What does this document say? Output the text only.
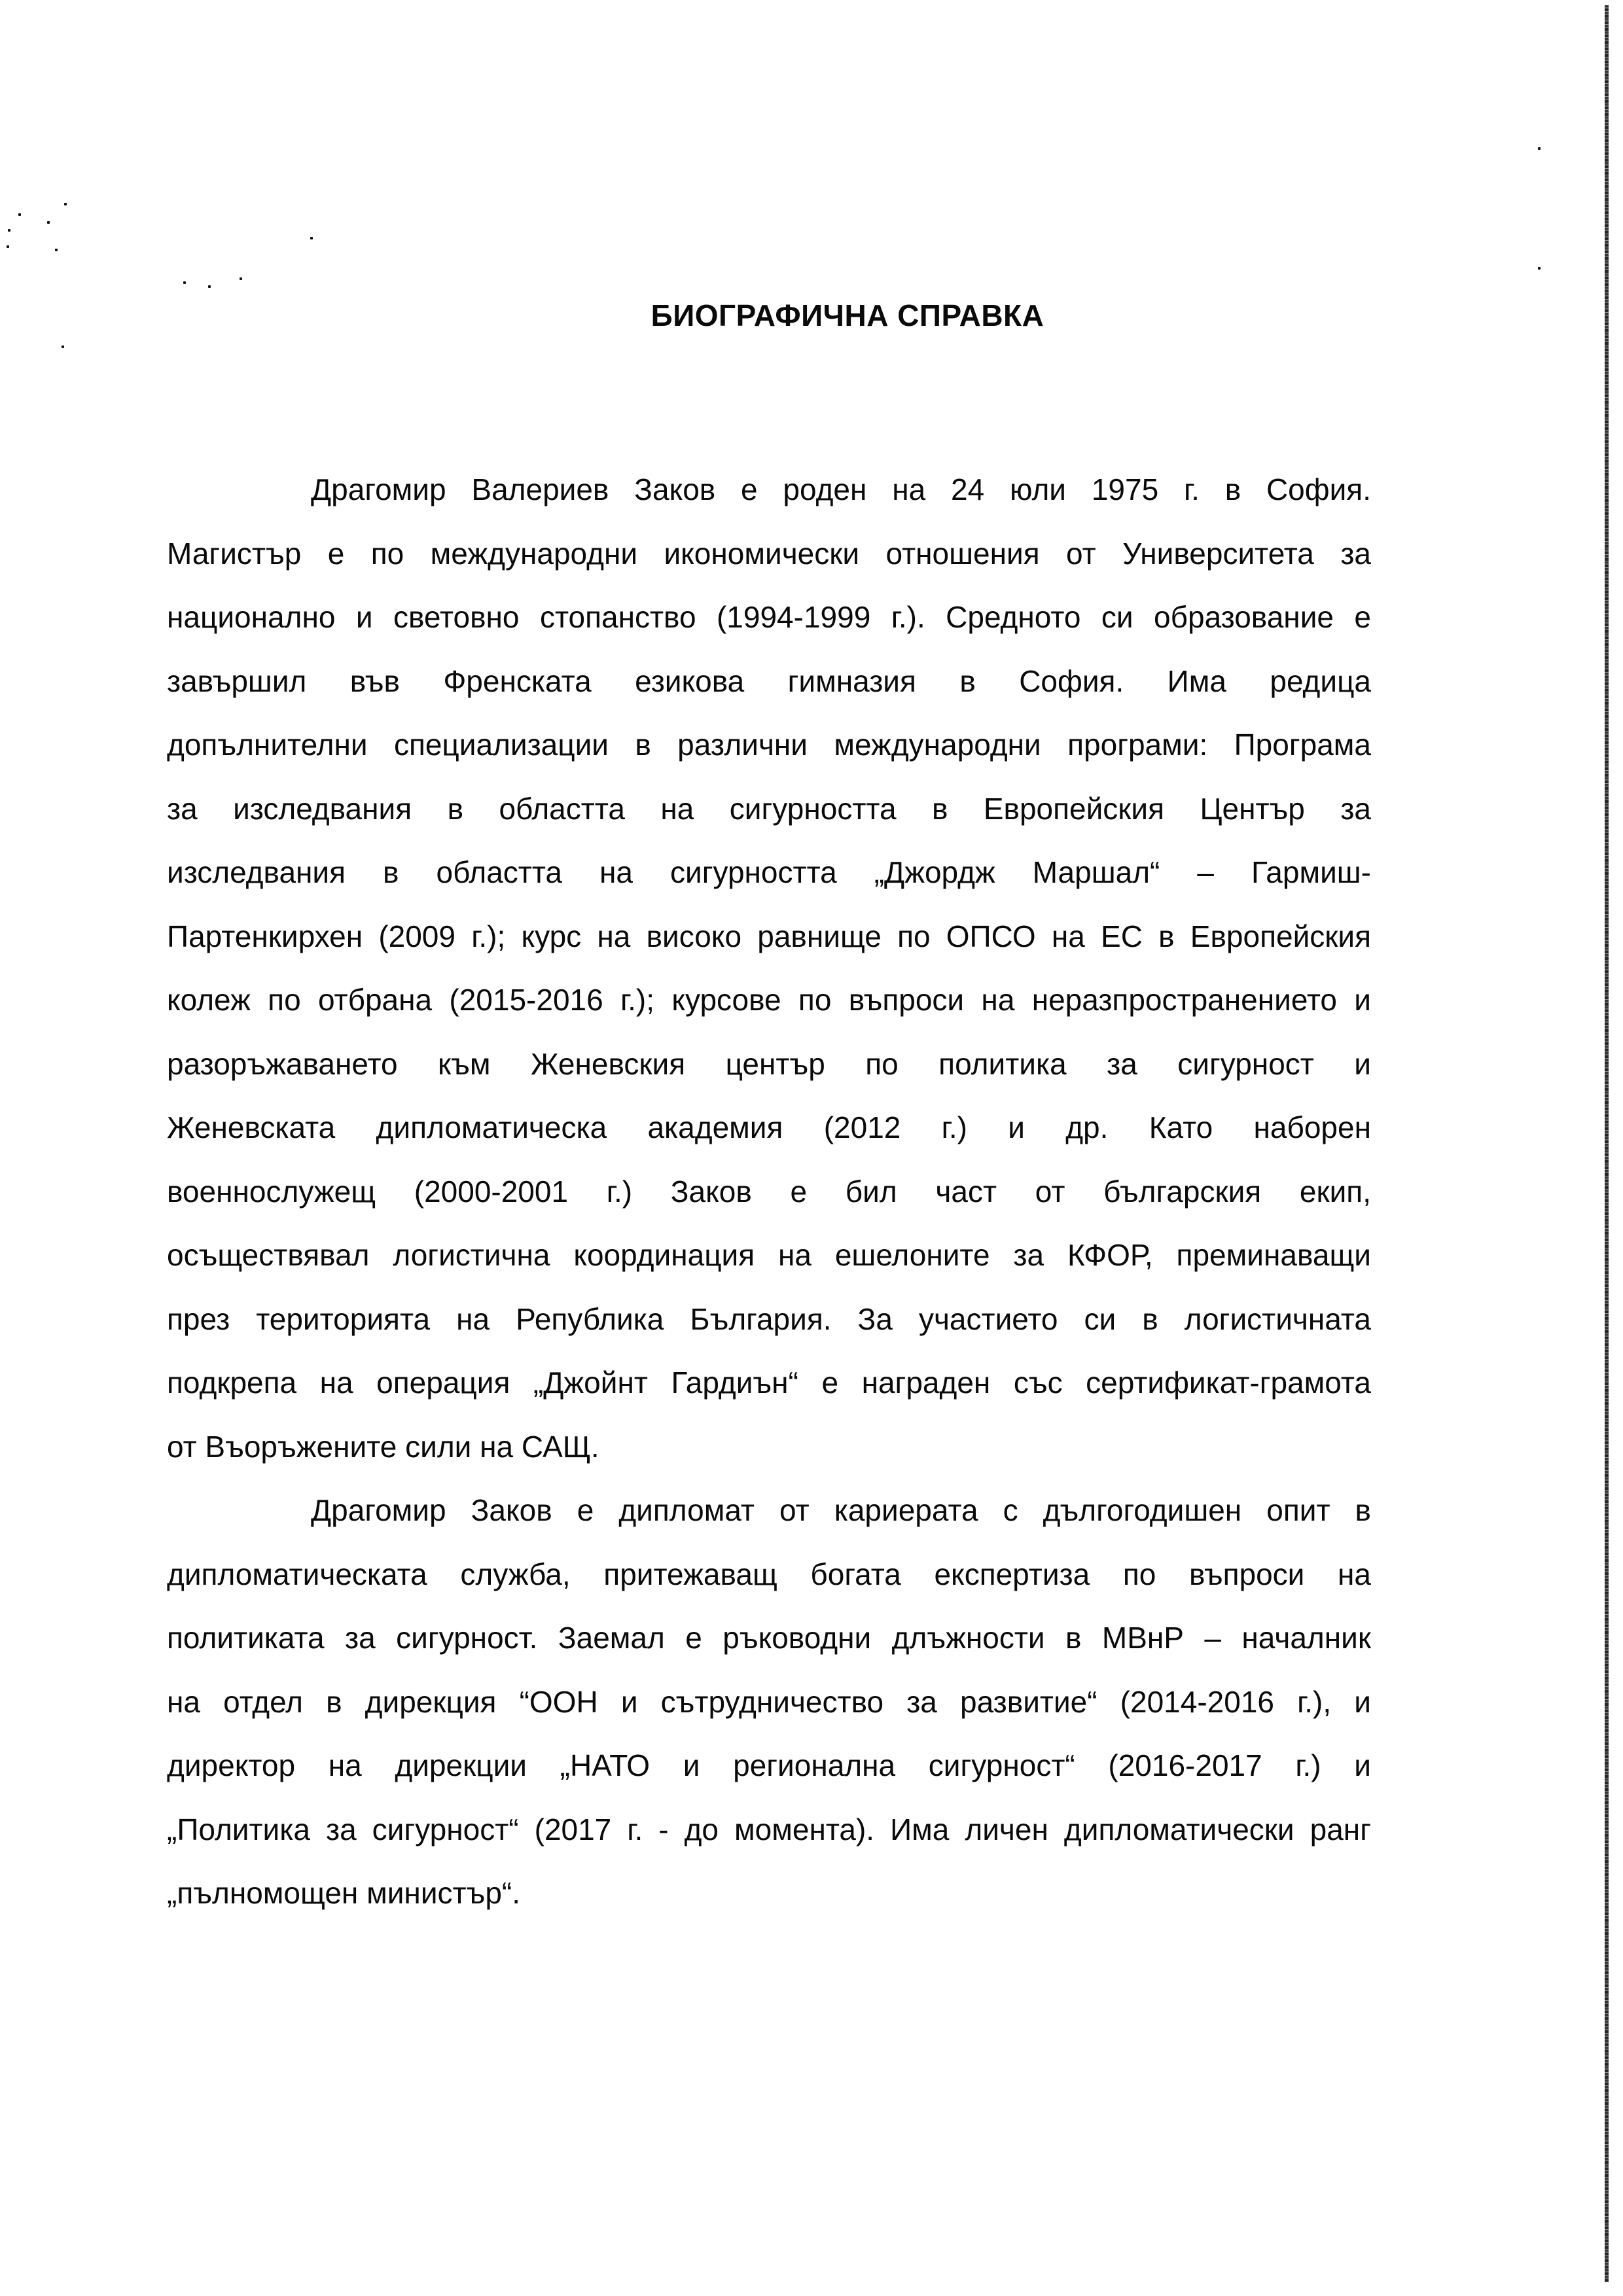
БИОГРАФИЧНА СПРАВКА
Драгомир Валериев Заков е роден на 24 юли 1975 г. в София.
Магистър е по международни икономически отношения от Университета за
национално и световно стопанство (1994-1999 г.). Средното си образование е
завършил във Френската езикова гимназия в София. Има редица
допълнителни специализации в различни международни програми: Програма
за изследвания в областта на сигурността в Европейския Център за
изследвания в областта на сигурността „Джордж Маршал“ – Гармиш-
Партенкирхен (2009 г.); курс на високо равнище по ОПСО на ЕС в Европейския
колеж по отбрана (2015-2016 г.); курсове по въпроси на неразпространението и
разоръжаването към Женевския център по политика за сигурност и
Женевската дипломатическа академия (2012 г.) и др. Като наборен
военнослужещ (2000-2001 г.) Заков е бил част от българския екип,
осъществявал логистична координация на ешелоните за КФОР, преминаващи
през територията на Република България. За участието си в логистичната
подкрепа на операция „Джойнт Гардиън“ е награден със сертификат-грамота
от Въоръжените сили на САЩ.
Драгомир Заков е дипломат от кариерата с дългогодишен опит в
дипломатическата служба, притежаващ богата експертиза по въпроси на
политиката за сигурност. Заемал е ръководни длъжности в МВнР – началник
на отдел в дирекция “ООН и сътрудничество за развитие“ (2014-2016 г.), и
директор на дирекции „НАТО и регионална сигурност“ (2016-2017 г.) и
„Политика за сигурност“ (2017 г. - до момента). Има личен дипломатически ранг
„пълномощен министър“.
